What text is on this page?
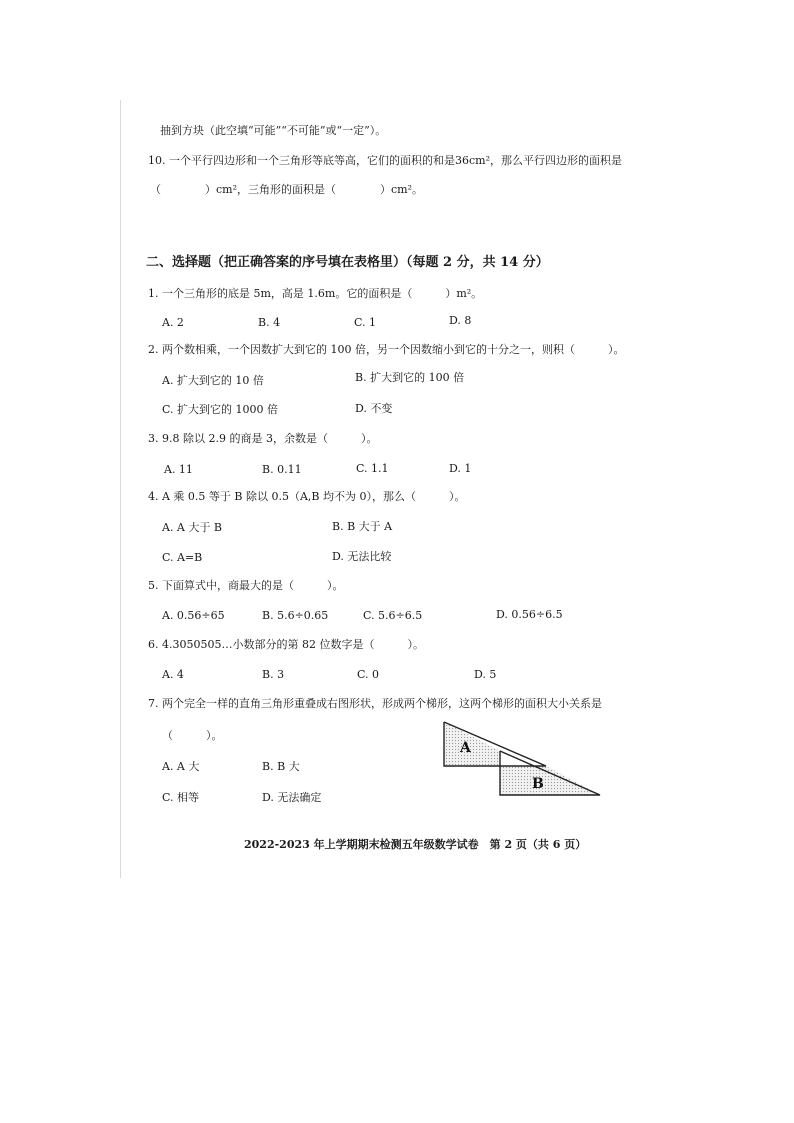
抽到方块（此空填“可能”“不可能”或“一定”）。
10. 一个平行四边形和一个三角形等底等高，它们的面积的和是36cm²，那么平行四边形的面积是
（　　　　）cm²，三角形的面积是（　　　　）cm²。
二、选择题（把正确答案的序号填在表格里）（每题 2 分，共 14 分）
1. 一个三角形的底是 5m，高是 1.6m。它的面积是（　　　）m²。
A. 2	B. 4	C. 1	D. 8
2. 两个数相乘，一个因数扩大到它的 100 倍，另一个因数缩小到它的十分之一，则积（　　　）。
A. 扩大到它的 10 倍	B. 扩大到它的 100 倍
C. 扩大到它的 1000 倍	D. 不变
3. 9.8 除以 2.9 的商是 3，余数是（　　　）。
A. 11	B. 0.11	C. 1.1	D. 1
4. A 乘 0.5 等于 B 除以 0.5（A,B 均不为 0），那么（　　　）。
A. A 大于 B	B. B 大于 A
C. A=B	D. 无法比较
5. 下面算式中，商最大的是（　　　）。
A. 0.56÷65	B. 5.6÷0.65	C. 5.6÷6.5	D. 0.56÷6.5
6. 4.3050505…小数部分的第 82 位数字是（　　　）。
A. 4	B. 3	C. 0	D. 5
7. 两个完全一样的直角三角形重叠成右图形状，形成两个梯形，这两个梯形的面积大小关系是
（　　　）。
A. A 大	B. B 大
C. 相等	D. 无法确定
A
B
2022-2023 年上学期期末检测五年级数学试卷　第 2 页（共 6 页）
